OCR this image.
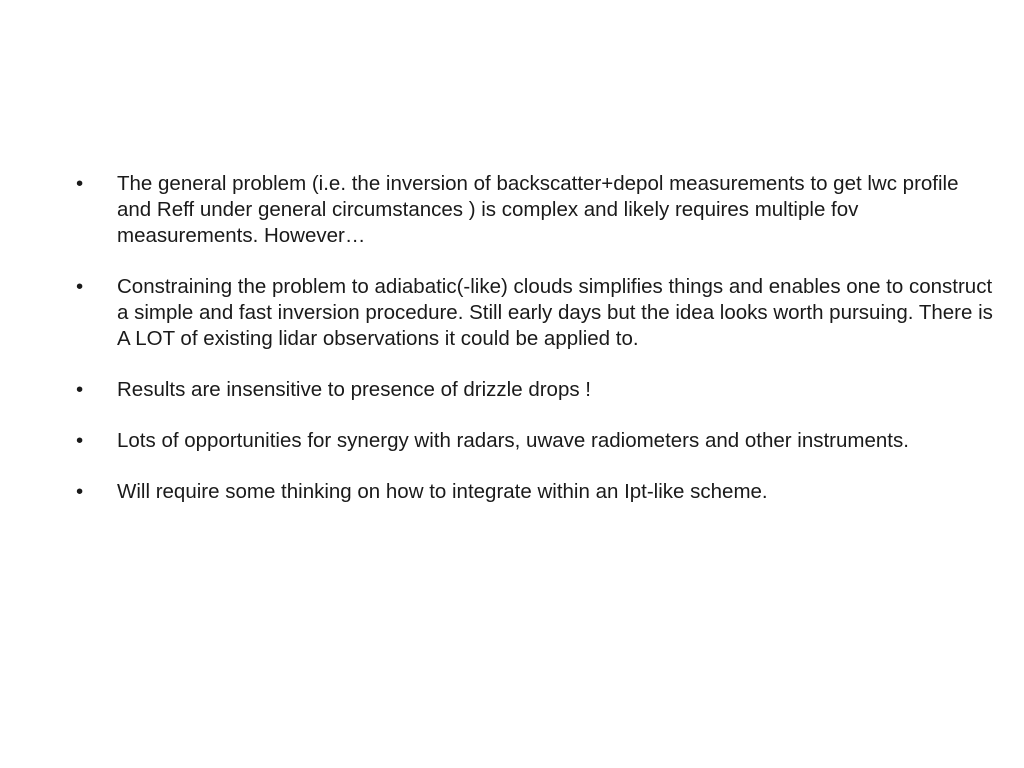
•	The general problem (i.e. the inversion of backscatter+depol measurements to get lwc profile and Reff under general circumstances ) is complex and likely requires multiple fov measurements. However…
•	Constraining the problem to adiabatic(-like) clouds simplifies things and enables one to construct a simple and fast inversion procedure. Still early days but the idea looks worth pursuing. There is A LOT of existing lidar observations it could be applied to.
•	Results are insensitive to presence of drizzle drops !
•	Lots of opportunities for synergy with radars, uwave radiometers and other instruments.
•	Will require some thinking on how to integrate within an Ipt-like scheme.
